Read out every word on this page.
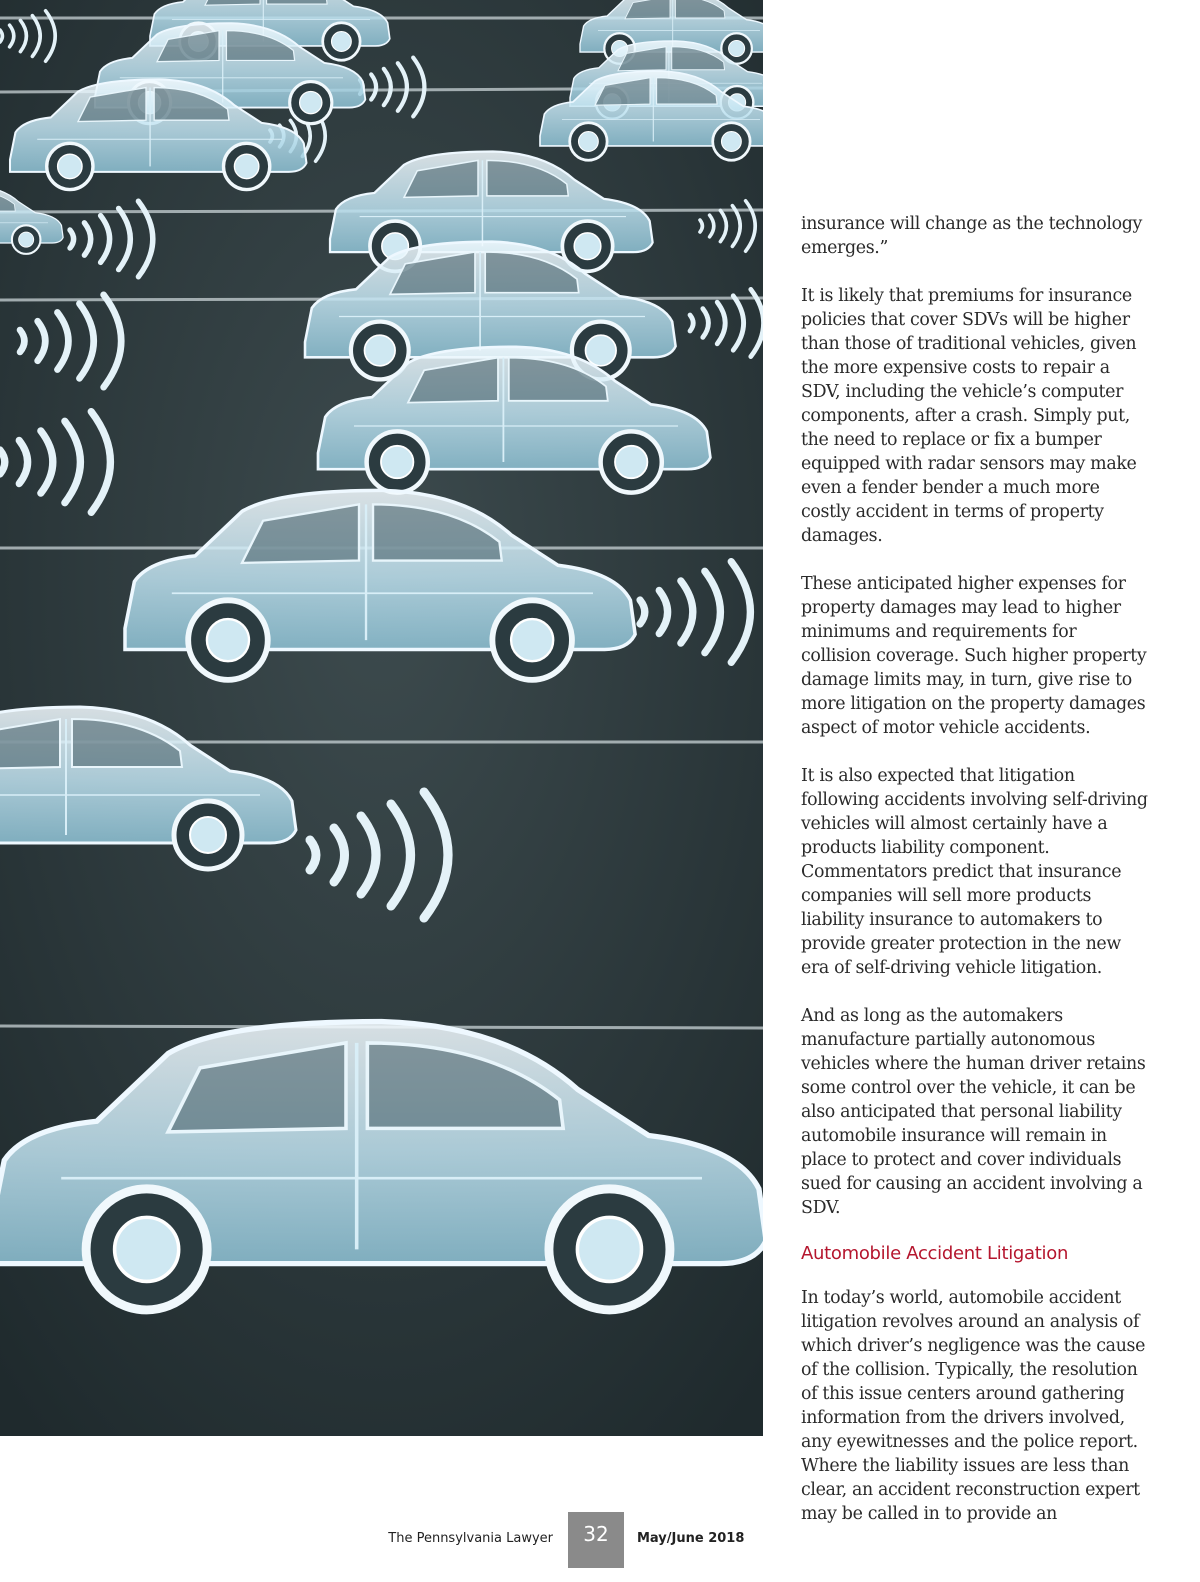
insurance will change as the technology emerges.”

It is likely that premiums for insurance policies that cover SDVs will be higher than those of traditional vehicles, given the more expensive costs to repair a SDV, including the vehicle’s computer components, after a crash. Simply put, the need to replace or fix a bumper equipped with radar sensors may make even a fender bender a much more costly accident in terms of property damages.

These anticipated higher expenses for property damages may lead to higher minimums and requirements for collision coverage. Such higher property damage limits may, in turn, give rise to more litigation on the property damages aspect of motor vehicle accidents.

It is also expected that litigation following accidents involving self-driving vehicles will almost certainly have a products liability component. Commentators predict that insurance companies will sell more products liability insurance to automakers to provide greater protection in the new era of self-driving vehicle litigation.

And as long as the automakers manufacture partially autonomous vehicles where the human driver retains some control over the vehicle, it can be also anticipated that personal liability automobile insurance will remain in place to protect and cover individuals sued for causing an accident involving a SDV.

Automobile Accident Litigation

In today’s world, automobile accident litigation revolves around an analysis of which driver’s negligence was the cause of the collision. Typically, the resolution of this issue centers around gathering information from the drivers involved, any eyewitnesses and the police report. Where the liability issues are less than clear, an accident reconstruction expert may be called in to provide an

The Pennsylvania Lawyer	32	May/June 2018
